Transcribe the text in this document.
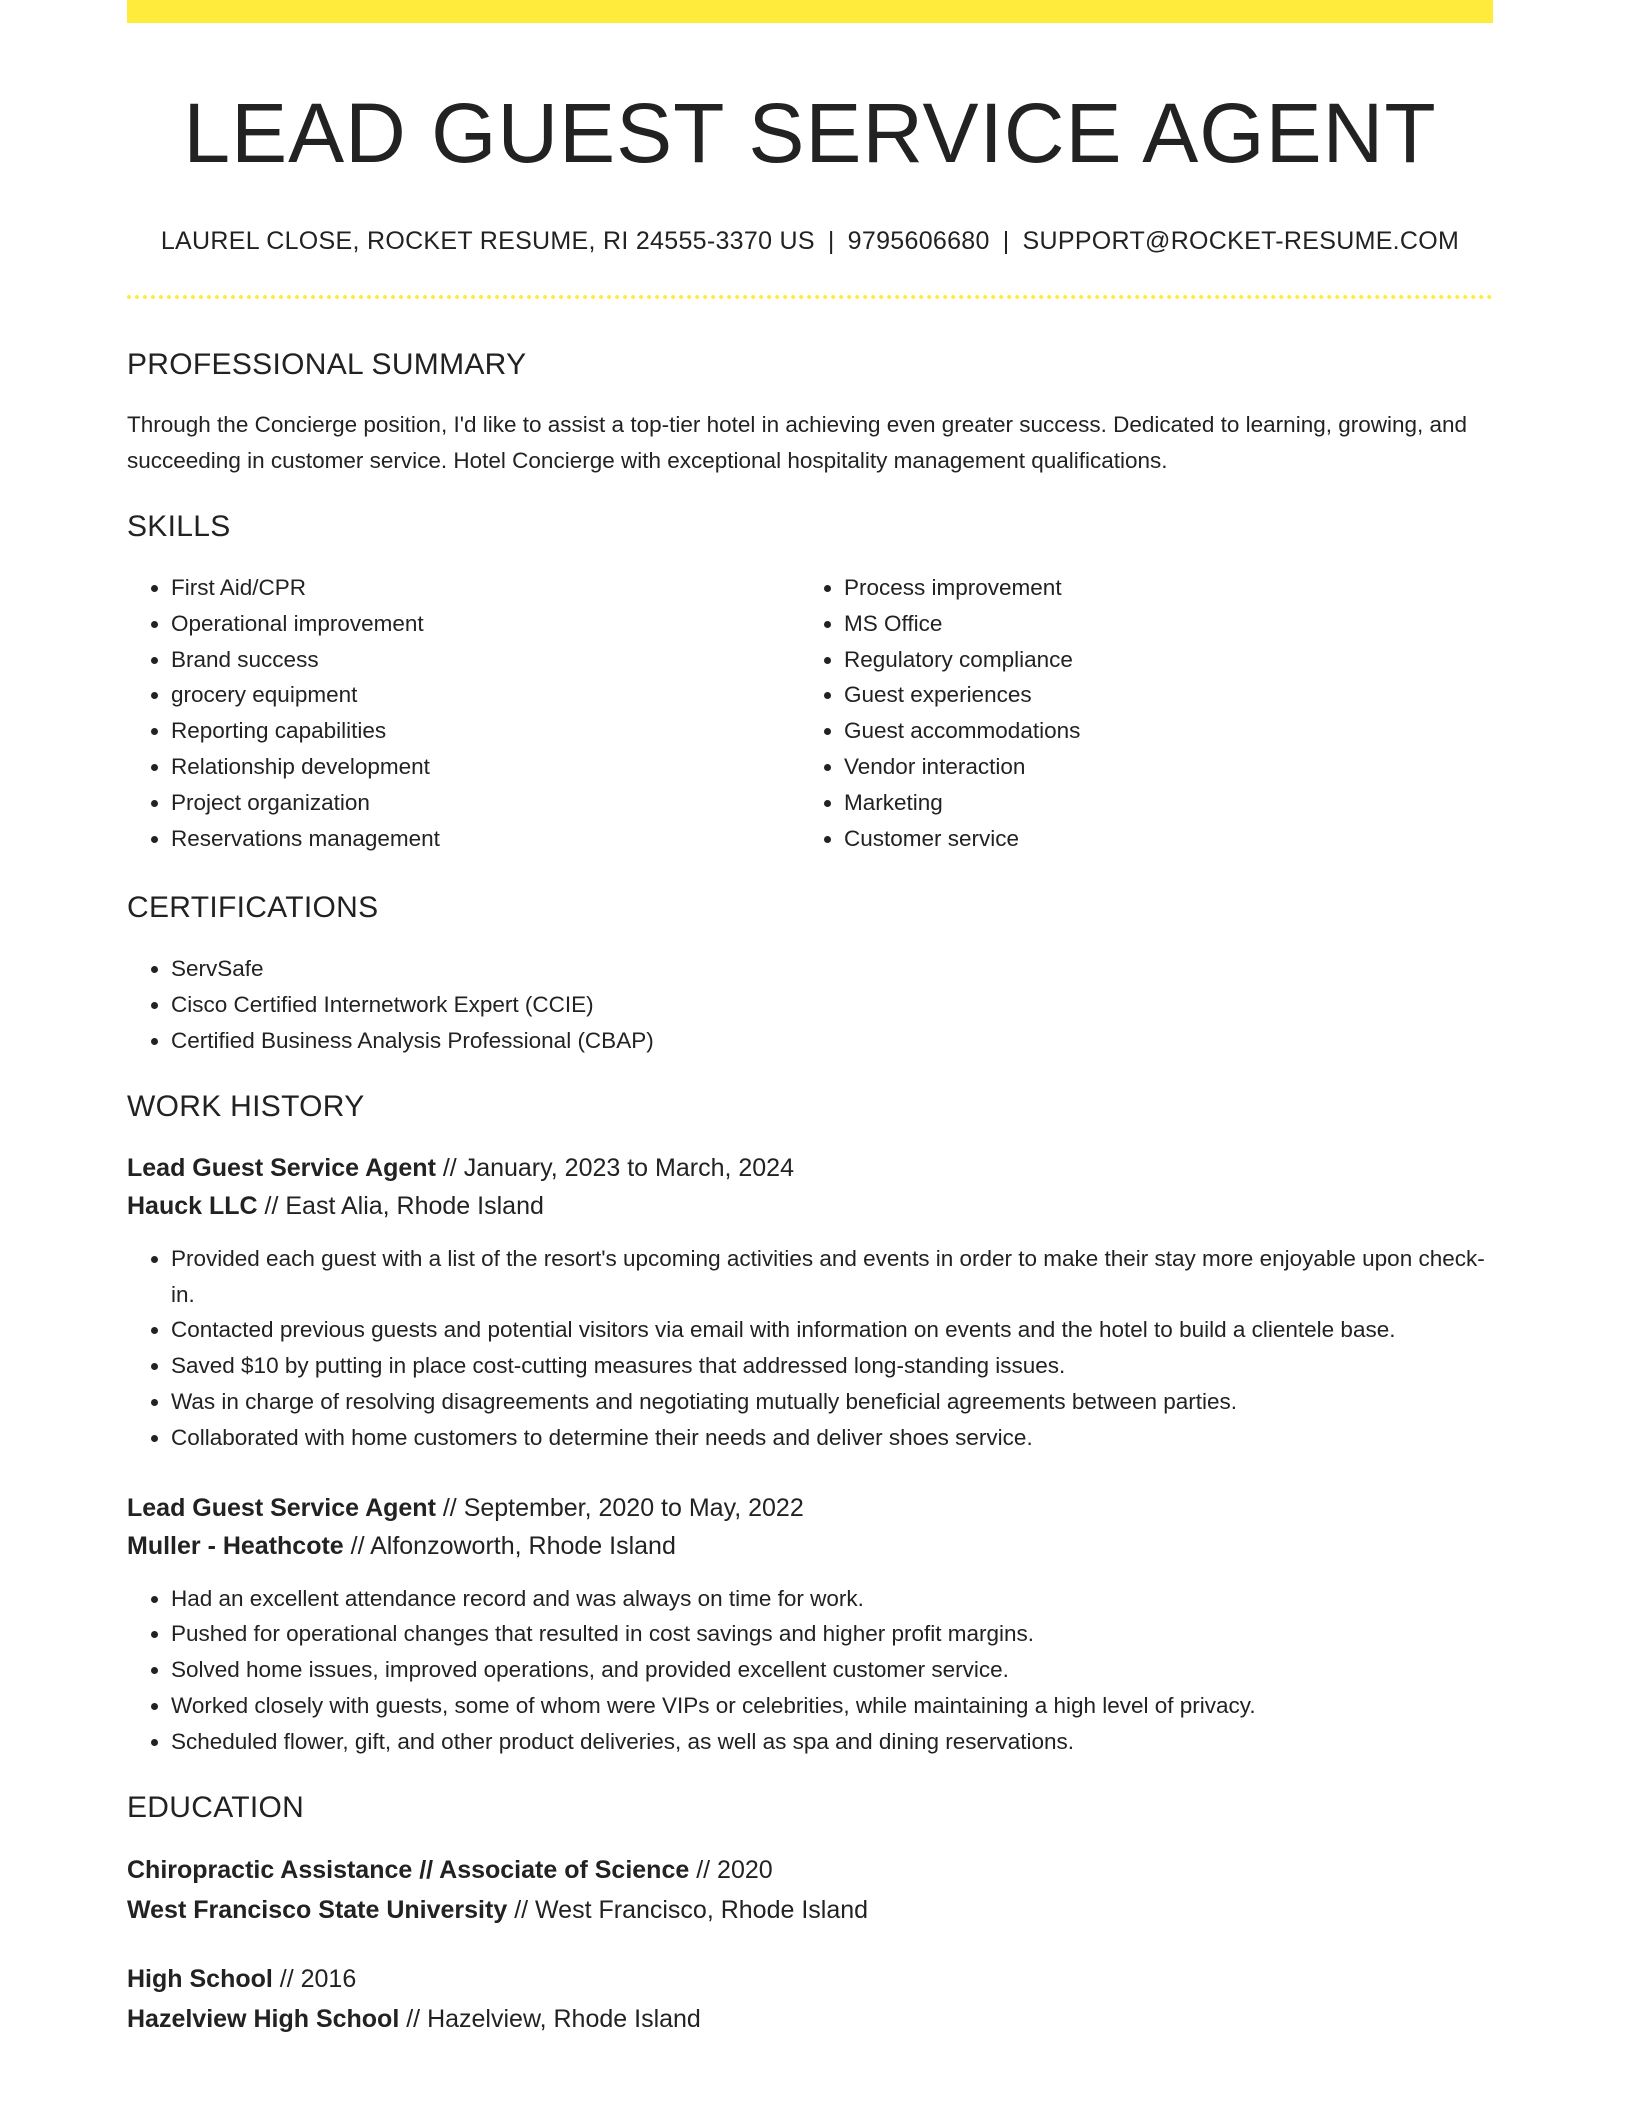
LEAD GUEST SERVICE AGENT
LAUREL CLOSE, ROCKET RESUME, RI 24555-3370 US | 9795606680 | SUPPORT@ROCKET-RESUME.COM
PROFESSIONAL SUMMARY
Through the Concierge position, I'd like to assist a top-tier hotel in achieving even greater success. Dedicated to learning, growing, and succeeding in customer service. Hotel Concierge with exceptional hospitality management qualifications.
SKILLS
• First Aid/CPR
• Operational improvement
• Brand success
• grocery equipment
• Reporting capabilities
• Relationship development
• Project organization
• Reservations management
• Process improvement
• MS Office
• Regulatory compliance
• Guest experiences
• Guest accommodations
• Vendor interaction
• Marketing
• Customer service
CERTIFICATIONS
• ServSafe
• Cisco Certified Internetwork Expert (CCIE)
• Certified Business Analysis Professional (CBAP)
WORK HISTORY
Lead Guest Service Agent // January, 2023 to March, 2024
Hauck LLC // East Alia, Rhode Island
• Provided each guest with a list of the resort's upcoming activities and events in order to make their stay more enjoyable upon check-in.
• Contacted previous guests and potential visitors via email with information on events and the hotel to build a clientele base.
• Saved $10 by putting in place cost-cutting measures that addressed long-standing issues.
• Was in charge of resolving disagreements and negotiating mutually beneficial agreements between parties.
• Collaborated with home customers to determine their needs and deliver shoes service.
Lead Guest Service Agent // September, 2020 to May, 2022
Muller - Heathcote // Alfonzoworth, Rhode Island
• Had an excellent attendance record and was always on time for work.
• Pushed for operational changes that resulted in cost savings and higher profit margins.
• Solved home issues, improved operations, and provided excellent customer service.
• Worked closely with guests, some of whom were VIPs or celebrities, while maintaining a high level of privacy.
• Scheduled flower, gift, and other product deliveries, as well as spa and dining reservations.
EDUCATION
Chiropractic Assistance // Associate of Science // 2020
West Francisco State University // West Francisco, Rhode Island
High School // 2016
Hazelview High School // Hazelview, Rhode Island
